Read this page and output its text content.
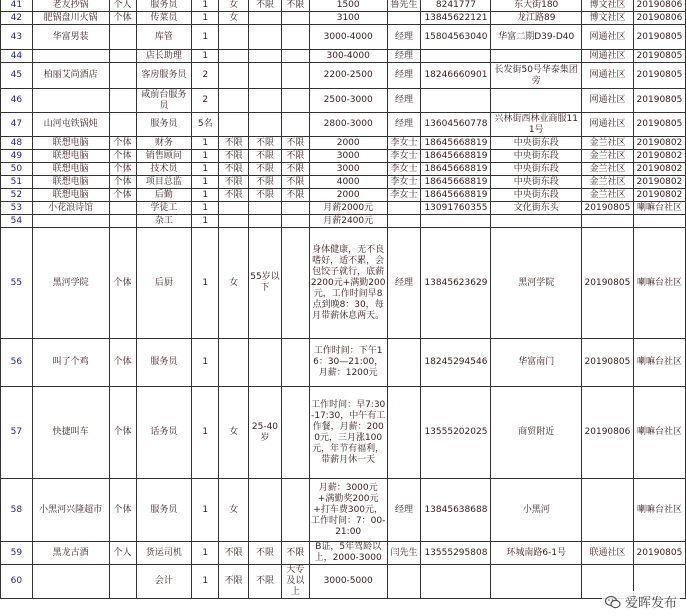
41	老友抄锅	个人	服务员	1	女	不限	不限	1500	鲁先生	8241777	东大街180	博文社区	20190806
42	肥锅盘川火锅	个体	传菜员	1	女			3100		13845622121	龙江路89	博文社区	20190806
43	华富男装		库管	1				3000-4000	经理	15804563040	华富二期D39-D40	网通社区	20190805
44			店长助理	1				300-4000	经理			网通社区	20190805
45	柏丽艾尚酒店		客房服务员	2				2200-2500	经理	18246660901	长发街50号华泰集团旁	网通社区	20190805
46			咸前台服务员	2				2500-3000	经理			网通社区	20190805
47	山河屯铁锅炖		服务员	5名				2800-3000	经理	13604560778	兴林街西林业商服111号	网通社区	20190805
48	联想电脑	个体	财务	1	不限	不限	不限	2000	李女士	18645668819	中央街东段	金兰社区	20190802
49	联想电脑	个体	销售顾问	1	不限	不限	不限	3000	李女士	18645668819	中央街东段	金兰社区	20190802
50	联想电脑	个体	技术员	1	不限	不限	不限	3000	李女士	18645668819	中央街东段	金兰社区	20190802
51	联想电脑	个体	项目总监	1	不限	不限	不限	4000	李女士	18645668819	中央街东段	金兰社区	20190802
52	联想电脑	个体	后勤	1	不限	不限	不限	2000	李女士	18645668819	中央街东段	金兰社区	20190802
53	小花浪诗馆		学徒工	1				月薪2000元		13091760355	文化街东头	20190805	喇嘛台社区
54			杂工	1				月薪2400元					
55	黑河学院	个体	后厨	1	女	55岁以下		身体健康，无不良嗜好，适不累，会包饺子就行，底薪2200元+满勤200元，工作时间早8点到晚8：30，每月带薪休息两天。	经理	13845623629	黑河学院	20190805	喇嘛台社区
56	叫了个鸡	个体	服务员	1				工作时间：下午16：30—21:00，月薪：1200元		18245294546	华富南门	20190805	喇嘛台社区
57	快捷叫车	个体	话务员	1	女	25-40岁		工作时间：早7:30-17:30，中午有工作餐，月薪：2000元，三月涨100元，年节有福利，带薪月休一天		13555202025	商贸附近	20190806	喇嘛台社区
58	小黑河兴隆超市	个体	服务员	1	女			月薪：3000元+满勤奖200元+打车费300元，工作时间：7：00-21:00	经理	13845638688	小黑河		喇嘛台社区
59	黑龙古酒	个人	货运司机	1	不限	不限	不限	B证，5年驾龄以上，2000-3000	闫先生	13555295808	环城南路6-1号	联通社区	20190805
60			会计	1	不限	不限	大专及以上	3000-5000					
爱晖发布
